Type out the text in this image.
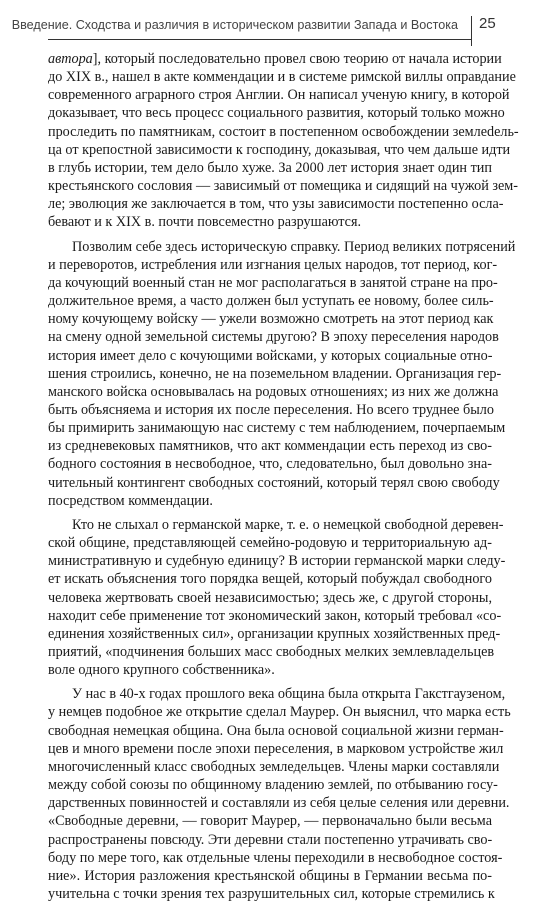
Введение. Сходства и различия в историческом развитии Запада и Востока 25
автора], который последовательно провел свою теорию от начала истории
до XIX в., нашел в акте коммендации и в системе римской виллы оправдание
современного аграрного строя Англии. Он написал ученую книгу, в которой
доказывает, что весь процесс социального развития, который только можно
проследить по памятникам, состоит в постепенном освобождении землedель-
ца от крепостной зависимости к господину, доказывая, что чем дальше идти
в глубь истории, тем дело было хуже. За 2000 лет история знает один тип
крестьянского сословия — зависимый от помещика и сидящий на чужой зем-
ле; эволюция же заключается в том, что узы зависимости постепенно осла-
бевают и к XIX в. почти повсеместно разрушаются.
Позволим себе здесь историческую справку. Период великих потрясений
и переворотов, истребления или изгнания целых народов, тот период, ког-
да кочующий военный стан не мог располагаться в занятой стране на про-
должительное время, а часто должен был уступать ее новому, более силь-
ному кочующему войску — ужели возможно смотреть на этот период как
на смену одной земельной системы другою? В эпоху переселения народов
история имеет дело с кочующими войсками, у которых социальные отно-
шения строились, конечно, не на поземельном владении. Организация гер-
манского войска основывалась на родовых отношениях; из них же должна
быть объясняема и история их после переселения. Но всего труднее было
бы примирить занимающую нас систему с тем наблюдением, почерпаемым
из средневековых памятников, что акт коммендации есть переход из сво-
бодного состояния в несвободное, что, следовательно, был довольно зна-
чительный контингент свободных состояний, который терял свою свободу
посредством коммендации.
Кто не слыхал о германской марке, т. е. о немецкой свободной деревен-
ской общине, представляющей семейно-родовую и территориальную ад-
министративную и судебную единицу? В истории германской марки следу-
ет искать объяснения того порядка вещей, который побуждал свободного
человека жертвовать своей независимостью; здесь же, с другой стороны,
находит себе применение тот экономический закон, который требовал «со-
единения хозяйственных сил», организации крупных хозяйственных пред-
приятий, «подчинения больших масс свободных мелких землевладельцев
воле одного крупного собственника».
У нас в 40-х годах прошлого века община была открыта Гакстгаузеном,
у немцев подобное же открытие сделал Маурер. Он выяснил, что марка есть
свободная немецкая община. Она была основой социальной жизни герман-
цев и много времени после эпохи переселения, в марковом устройстве жил
многочисленный класс свободных земледельцев. Члены марки составляли
между собой союзы по общинному владению землей, по отбыванию госу-
дарственных повинностей и составляли из себя целые селения или деревни.
«Свободные деревни, — говорит Маурер, — первоначально были весьма
распространены повсюду. Эти деревни стали постепенно утрачивать сво-
боду по мере того, как отдельные члены переходили в несвободное состоя-
ние». История разложения крестьянской общины в Германии весьма по-
учительна с точки зрения тех разрушительных сил, которые стремились к
